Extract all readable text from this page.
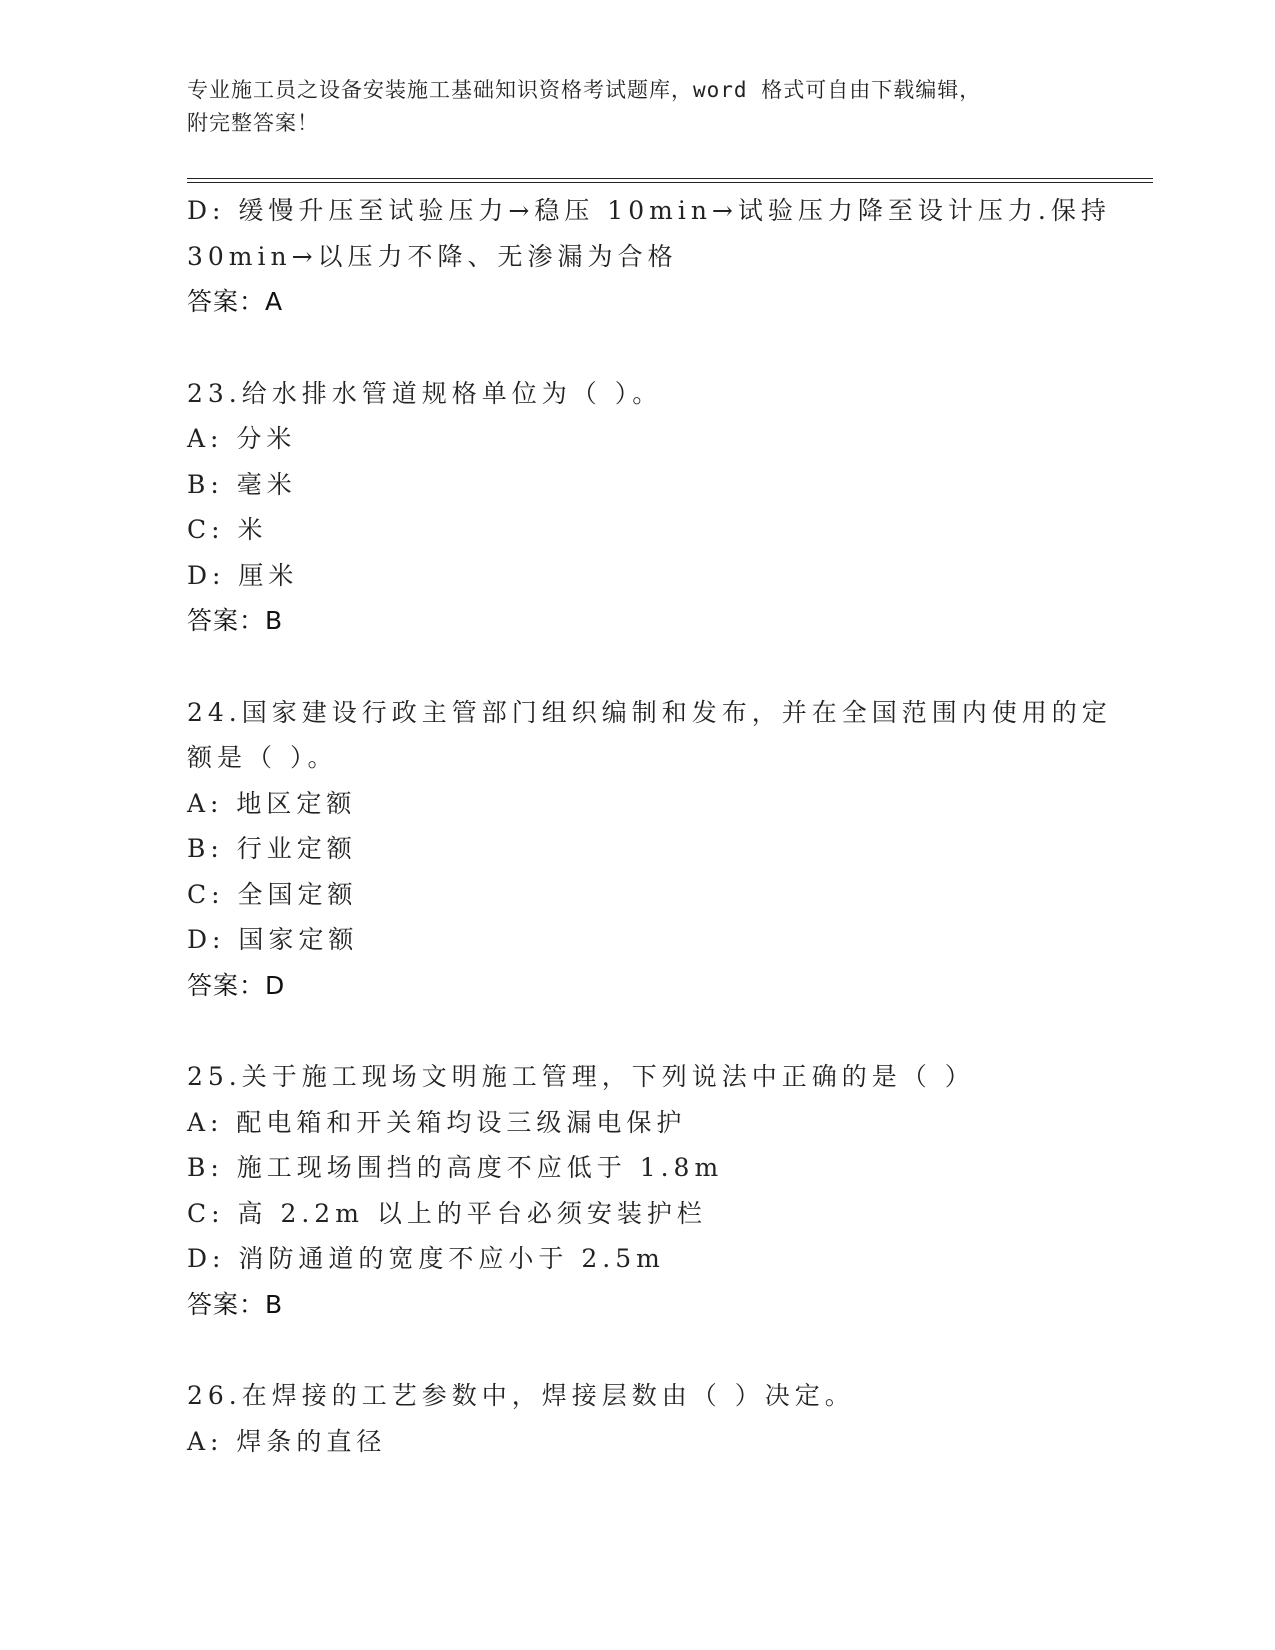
专业施工员之设备安装施工基础知识资格考试题库，word 格式可自由下载编辑，
附完整答案！
D: 缓慢升压至试验压力→稳压 10min→试验压力降至设计压力.保持
30min→以压力不降、无渗漏为合格
答案：A
23.给水排水管道规格单位为（ ）。
A: 分米
B: 毫米
C: 米
D: 厘米
答案：B
24.国家建设行政主管部门组织编制和发布，并在全国范围内使用的定
额是（ ）。
A: 地区定额
B: 行业定额
C: 全国定额
D: 国家定额
答案：D
25.关于施工现场文明施工管理，下列说法中正确的是（ ）
A: 配电箱和开关箱均设三级漏电保护
B: 施工现场围挡的高度不应低于 1.8m
C: 高 2.2m 以上的平台必须安装护栏
D: 消防通道的宽度不应小于 2.5m
答案：B
26.在焊接的工艺参数中，焊接层数由（ ）决定。
A: 焊条的直径
